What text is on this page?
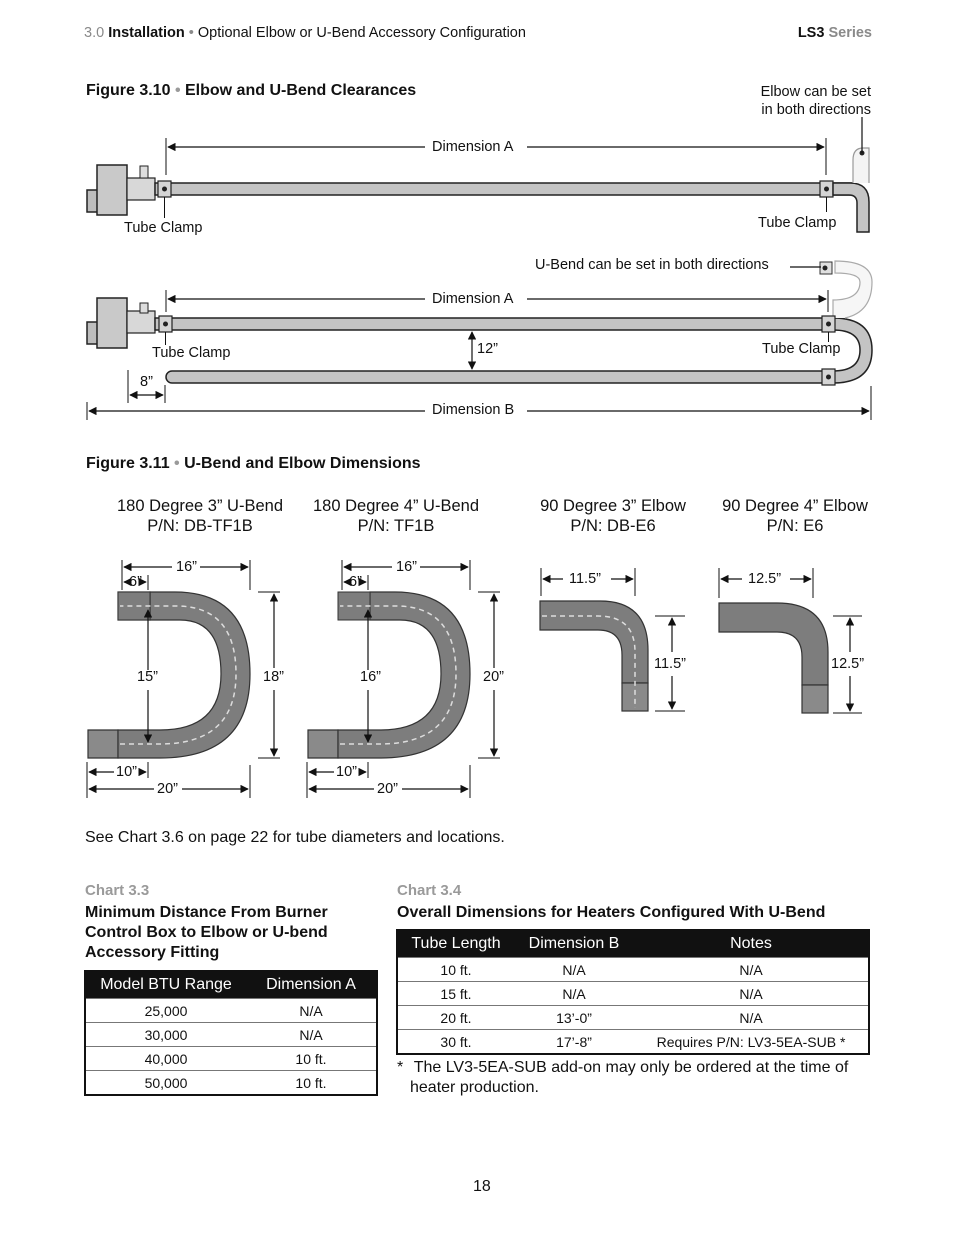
3.0 Installation • Optional Elbow or U-Bend Accessory Configuration	LS3 Series
Figure 3.10 • Elbow and U-Bend Clearances	Elbow can be set
in both directions
Dimension A
Tube Clamp	Tube Clamp
U-Bend can be set in both directions
Dimension A
Tube Clamp	Tube Clamp
12”
8”
Dimension B
Figure 3.11 • U-Bend and Elbow Dimensions
180 Degree 3” U-Bend
P/N: DB-TF1B
180 Degree 4” U-Bend
P/N: TF1B
90 Degree 3” Elbow
P/N: DB-E6
90 Degree 4” Elbow
P/N: E6
16”
6”
15”	18”
10”
20”
16”
6”
16”	20”
10”
20”
11.5”
11.5”
12.5”
12.5”
See Chart 3.6 on page 22 for tube diameters and locations.
Chart 3.3
Minimum Distance From Burner
Control Box to Elbow or U-bend
Accessory Fitting
Model BTU Range	Dimension A
25,000	N/A
30,000	N/A
40,000	10 ft.
50,000	10 ft.
Chart 3.4
Overall Dimensions for Heaters Configured With U-Bend
Tube Length	Dimension B	Notes
10 ft.	N/A	N/A
15 ft.	N/A	N/A
20 ft.	13’-0”	N/A
30 ft.	17’-8”	Requires P/N: LV3-5EA-SUB *
* The LV3-5EA-SUB add-on may only be ordered at the time of
heater production.
18
